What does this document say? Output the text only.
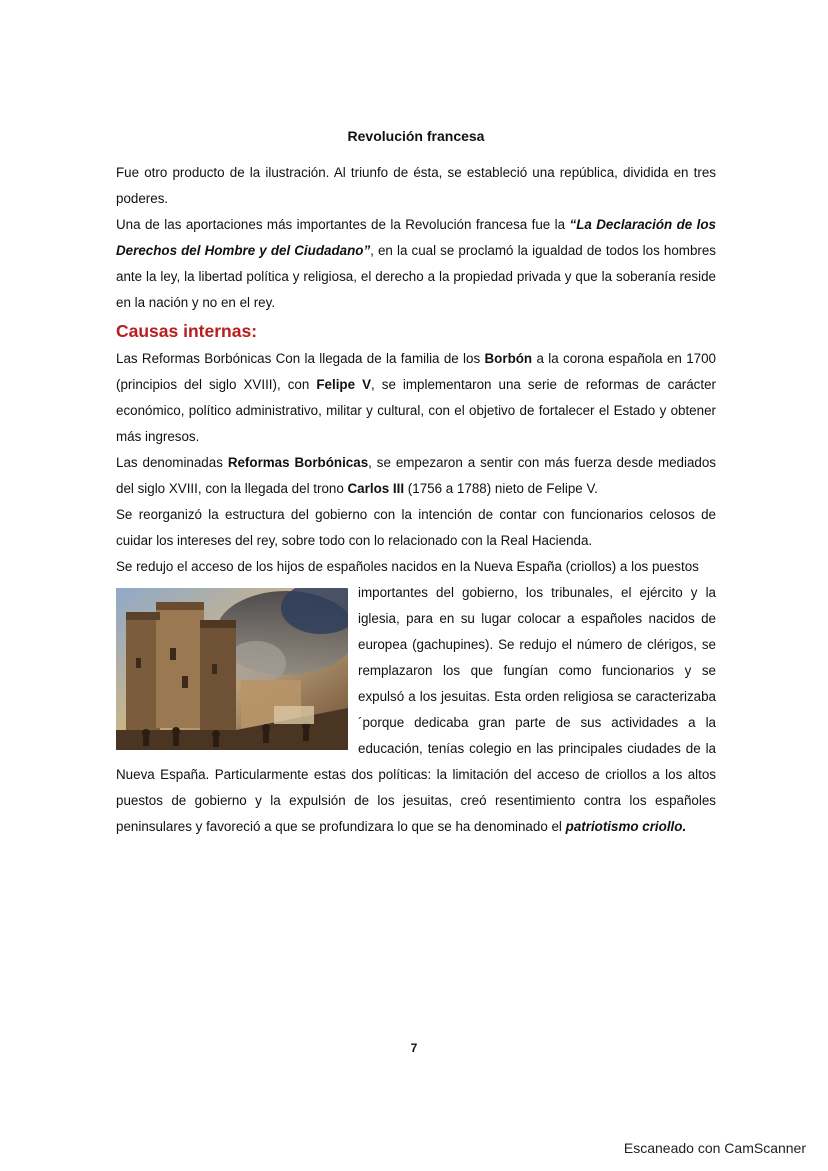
Revolución francesa

Fue otro producto de la ilustración. Al triunfo de ésta, se estableció una república, dividida en tres poderes.

Una de las aportaciones más importantes de la Revolución francesa fue la “La Declaración de los Derechos del Hombre y del Ciudadano”, en la cual se proclamó la igualdad de todos los hombres ante la ley, la libertad política y religiosa, el derecho a la propiedad privada y que la soberanía reside en la nación y no en el rey.

Causas internas:

Las Reformas Borbónicas Con la llegada de la familia de los Borbón a la corona española en 1700 (principios del siglo XVIII), con Felipe V, se implementaron una serie de reformas de carácter económico, político administrativo, militar y cultural, con el objetivo de fortalecer el Estado y obtener más ingresos.

Las denominadas Reformas Borbónicas, se empezaron a sentir con más fuerza desde mediados del siglo XVIII, con la llegada del trono Carlos III (1756 a 1788) nieto de Felipe V.

Se reorganizó la estructura del gobierno con la intención de contar con funcionarios celosos de cuidar los intereses del rey, sobre todo con lo relacionado con la Real Hacienda.

Se redujo el acceso de los hijos de españoles nacidos en la Nueva España (criollos) a los puestos

importantes del gobierno, los tribunales, el ejército y la iglesia, para en su lugar colocar a españoles nacidos de europea (gachupines). Se redujo el número de clérigos, se remplazaron los que fungían como funcionarios y se expulsó a los jesuitas. Esta orden religiosa se caracterizaba ´porque dedicaba gran parte de sus actividades a la educación, tenías colegio en las principales ciudades de la Nueva España. Particularmente estas dos políticas: la limitación del acceso de criollos a los altos puestos de gobierno y la expulsión de los jesuitas, creó resentimiento contra los españoles peninsulares y favoreció a que se profundizara lo que se ha denominado el patriotismo criollo.

7
Escaneado con CamScanner
